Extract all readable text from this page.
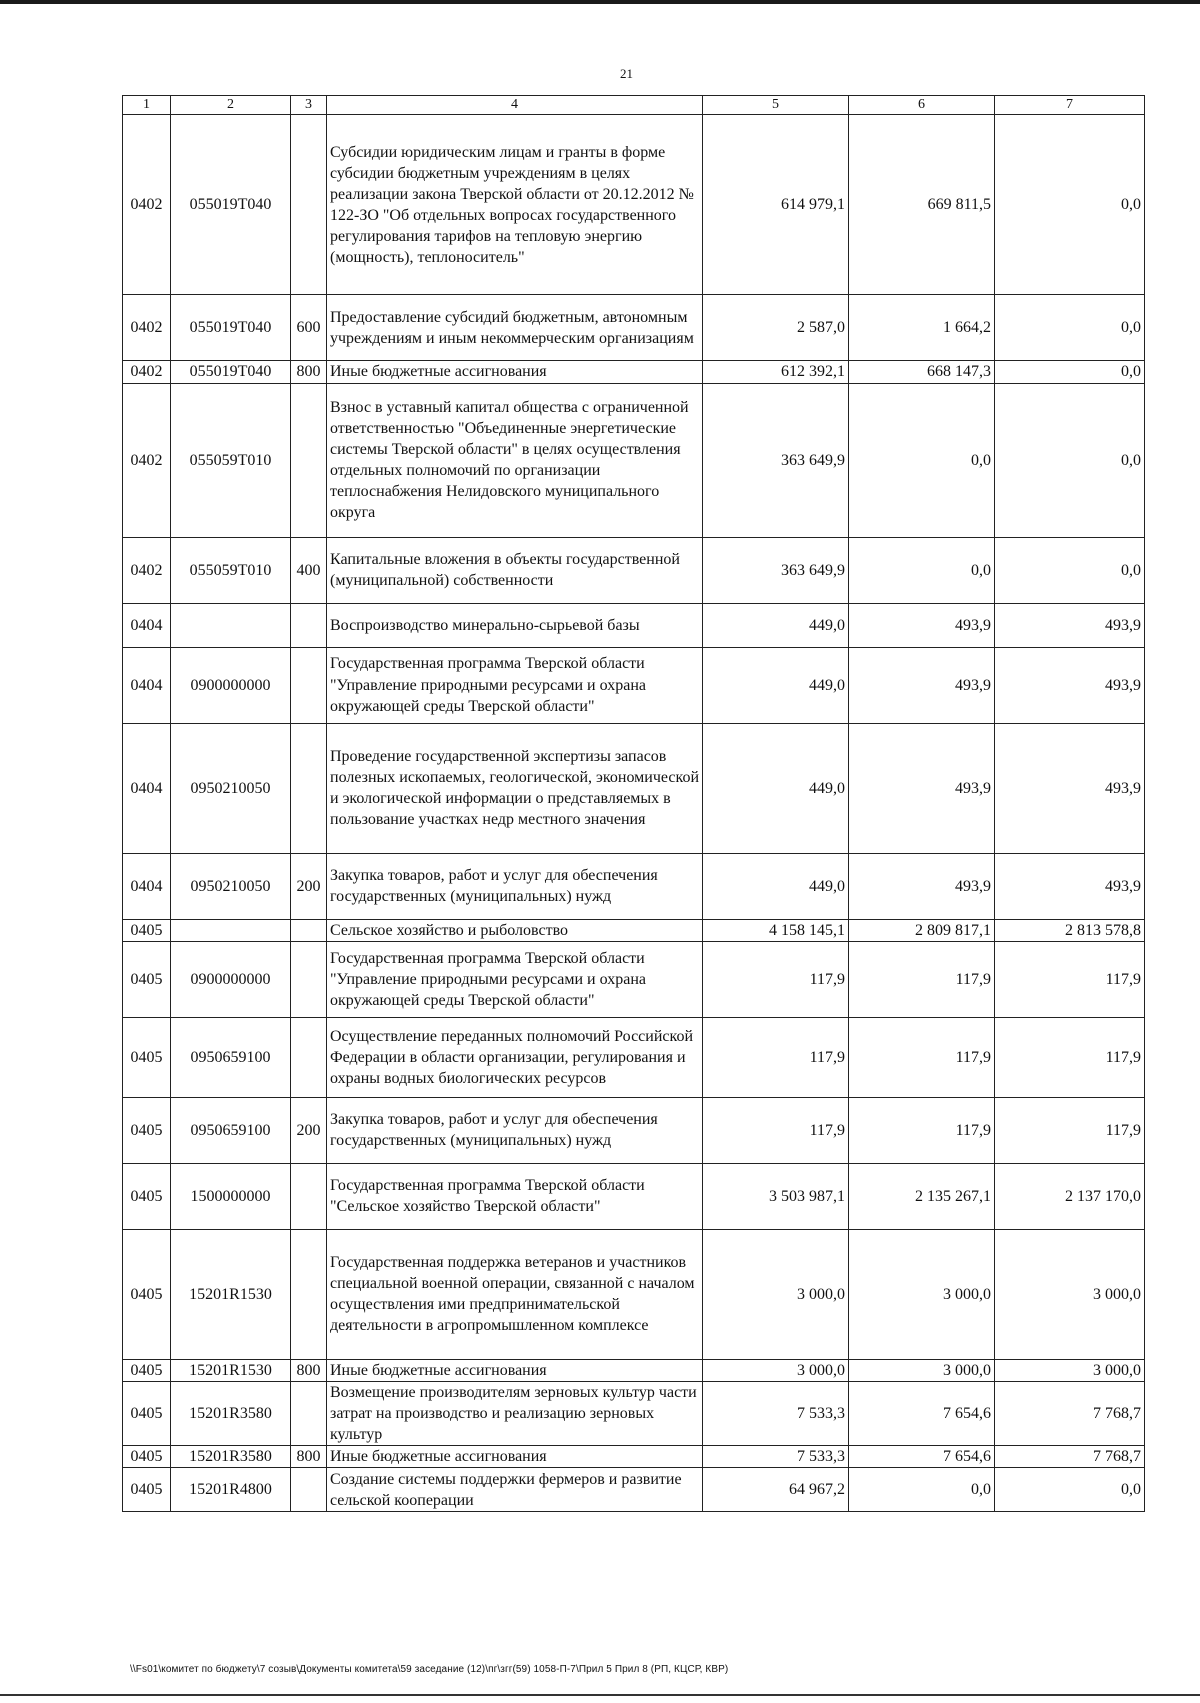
21
1	2	3	4	5	6	7
0402	055019Т040		Субсидии юридическим лицам и гранты в форме субсидии бюджетным учреждениям в целях реализации закона Тверской области от 20.12.2012 № 122-ЗО "Об отдельных вопросах государственного регулирования тарифов на тепловую энергию (мощность), теплоноситель"	614 979,1	669 811,5	0,0
0402	055019Т040	600	Предоставление субсидий бюджетным, автономным учреждениям и иным некоммерческим организациям	2 587,0	1 664,2	0,0
0402	055019Т040	800	Иные бюджетные ассигнования	612 392,1	668 147,3	0,0
0402	055059Т010		Взнос в уставный капитал общества с ограниченной ответственностью "Объединенные энергетические системы Тверской области" в целях осуществления отдельных полномочий по организации теплоснабжения Нелидовского муниципального округа	363 649,9	0,0	0,0
0402	055059Т010	400	Капитальные вложения в объекты государственной (муниципальной) собственности	363 649,9	0,0	0,0
0404			Воспроизводство минерально-сырьевой базы	449,0	493,9	493,9
0404	0900000000		Государственная программа Тверской области "Управление природными ресурсами и охрана окружающей среды Тверской области"	449,0	493,9	493,9
0404	0950210050		Проведение государственной экспертизы запасов полезных ископаемых, геологической, экономической и экологической информации о представляемых в пользование участках недр местного значения	449,0	493,9	493,9
0404	0950210050	200	Закупка товаров, работ и услуг для обеспечения государственных (муниципальных) нужд	449,0	493,9	493,9
0405			Сельское хозяйство и рыболовство	4 158 145,1	2 809 817,1	2 813 578,8
0405	0900000000		Государственная программа Тверской области "Управление природными ресурсами и охрана окружающей среды Тверской области"	117,9	117,9	117,9
0405	0950659100		Осуществление переданных полномочий Российской Федерации в области организации, регулирования и охраны водных биологических ресурсов	117,9	117,9	117,9
0405	0950659100	200	Закупка товаров, работ и услуг для обеспечения государственных (муниципальных) нужд	117,9	117,9	117,9
0405	1500000000		Государственная программа Тверской области "Сельское хозяйство Тверской области"	3 503 987,1	2 135 267,1	2 137 170,0
0405	15201R1530		Государственная поддержка ветеранов и участников специальной военной операции, связанной с началом осуществления ими предпринимательской деятельности в агропромышленном комплексе	3 000,0	3 000,0	3 000,0
0405	15201R1530	800	Иные бюджетные ассигнования	3 000,0	3 000,0	3 000,0
0405	15201R3580		Возмещение производителям зерновых культур части затрат на производство и реализацию зерновых культур	7 533,3	7 654,6	7 768,7
0405	15201R3580	800	Иные бюджетные ассигнования	7 533,3	7 654,6	7 768,7
0405	15201R4800		Создание системы поддержки фермеров и развитие сельской кооперации	64 967,2	0,0	0,0
\\Fs01\комитет по бюджету\7 созыв\Документы комитета\59 заседание (12)\пг\згг(59) 1058-П-7\Прил 5 Прил 8 (РП, КЦСР, КВР)
